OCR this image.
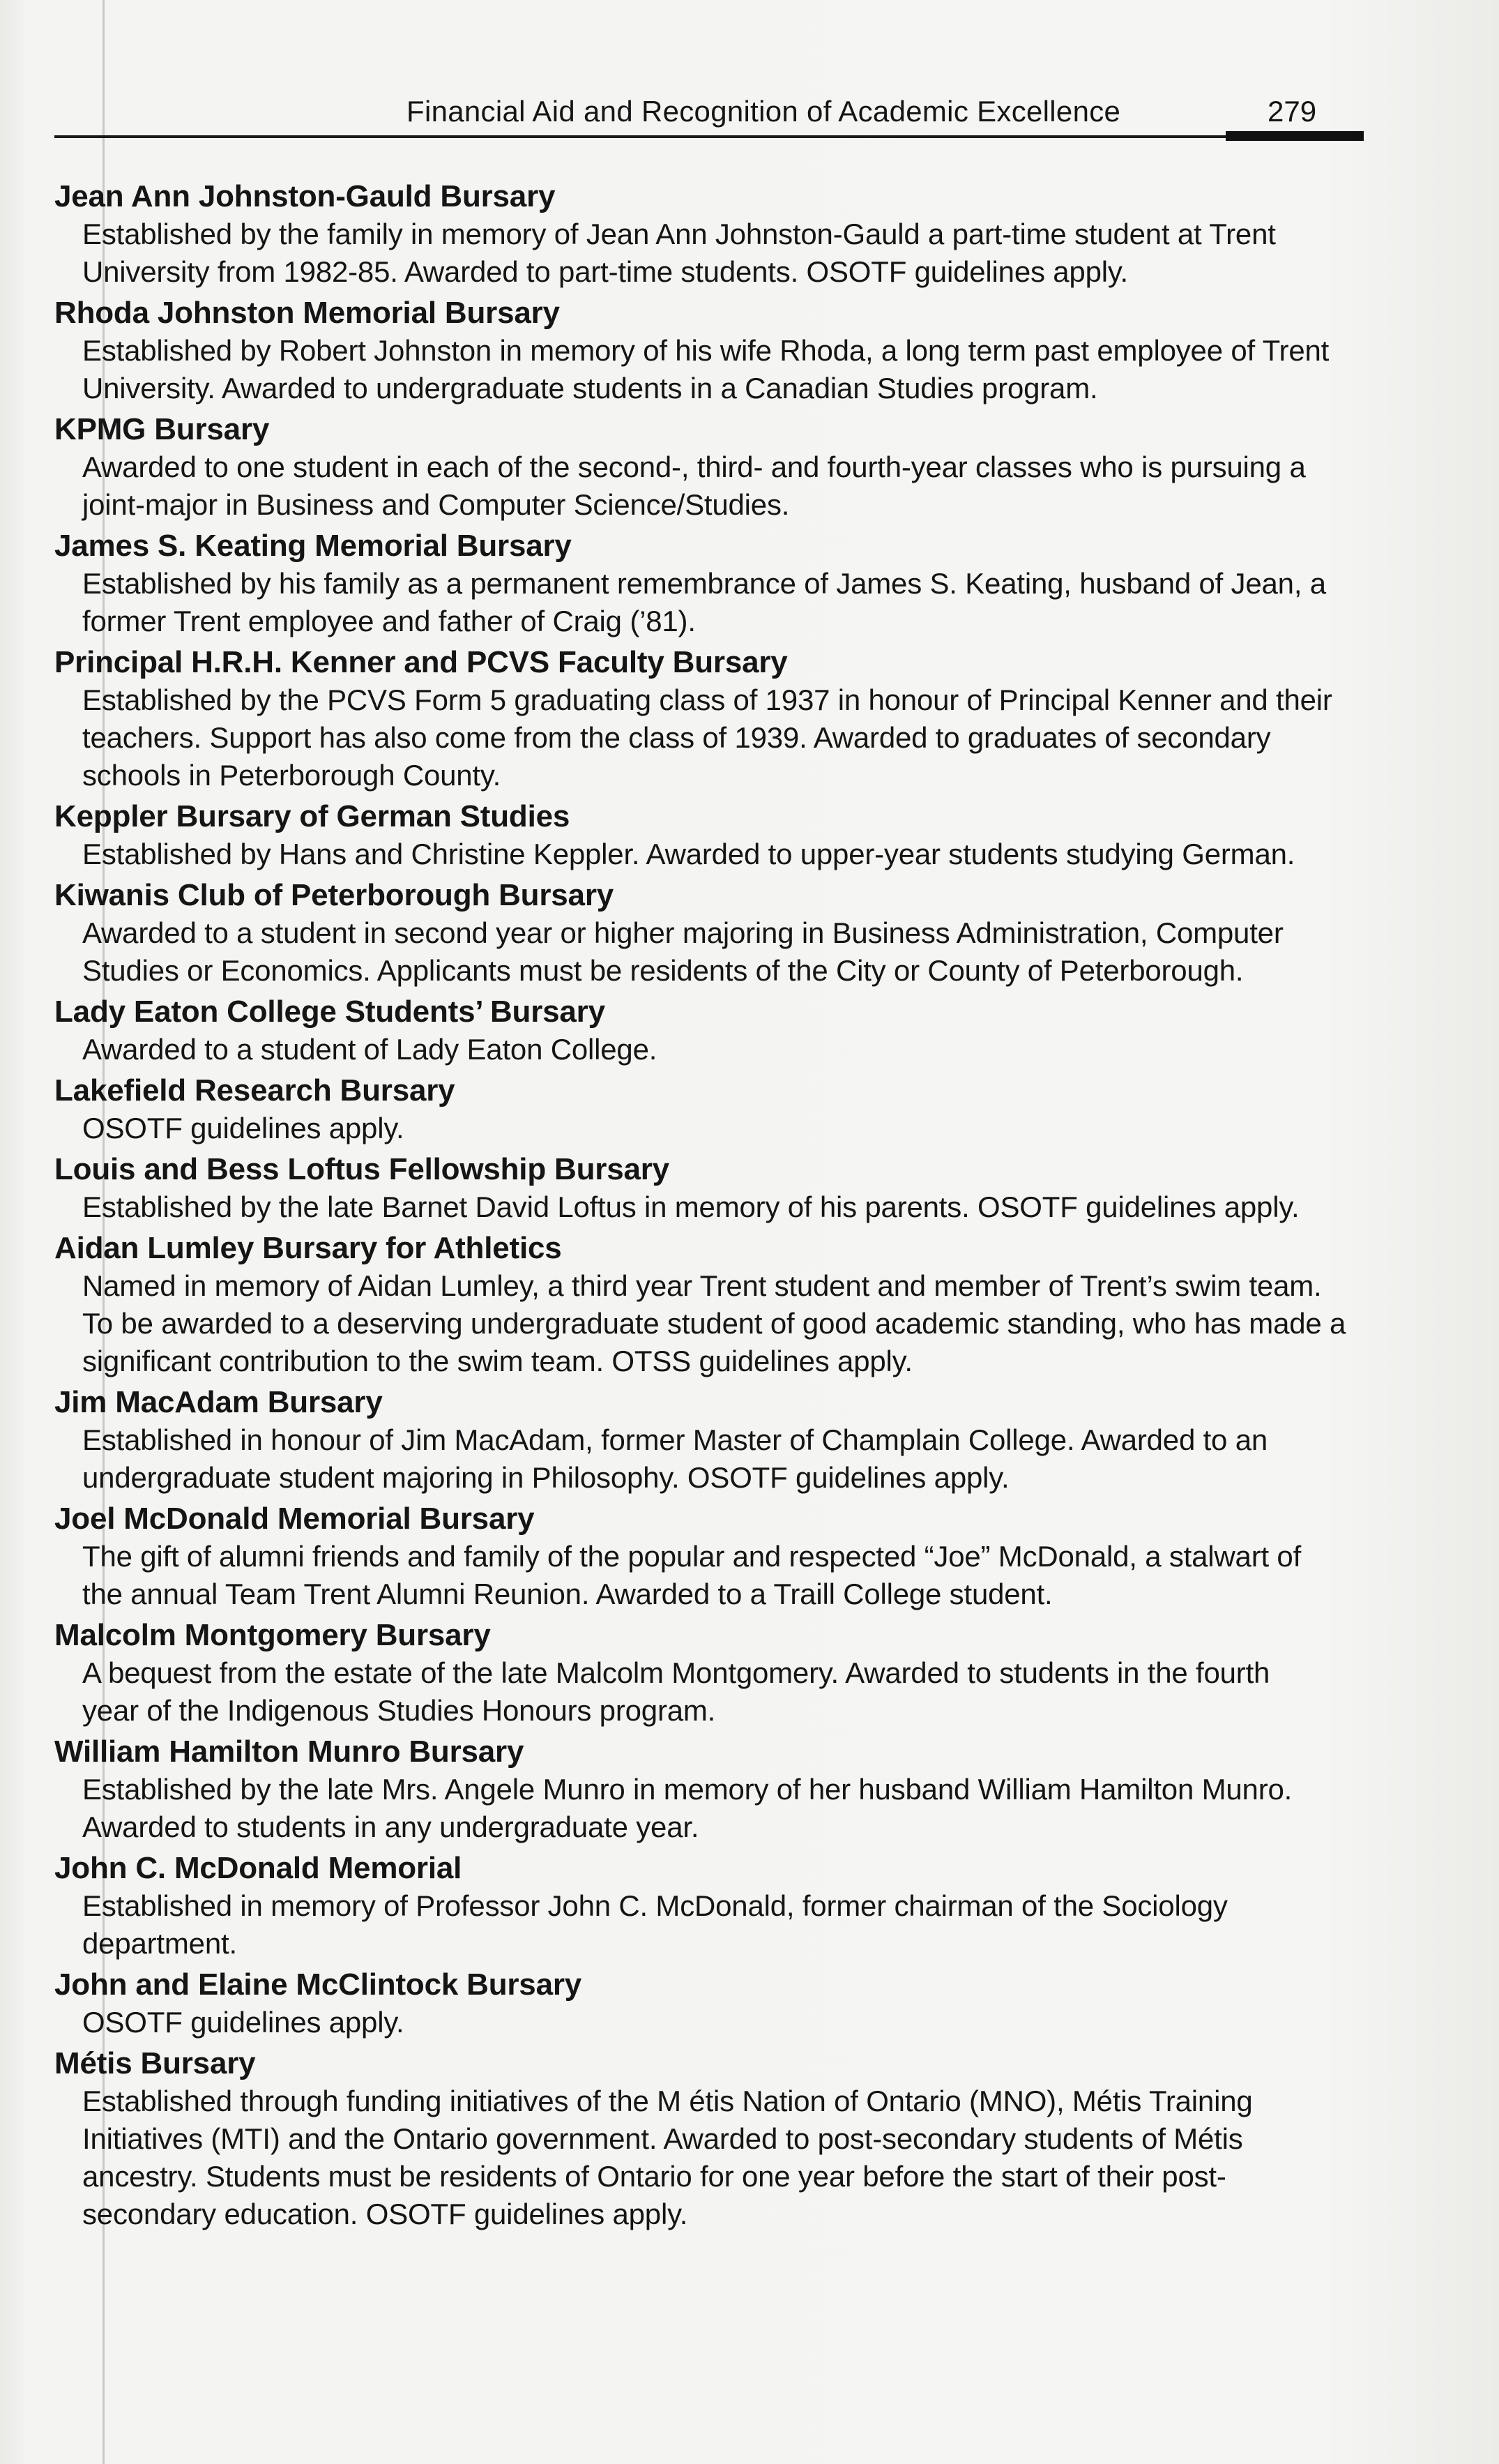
Financial Aid and Recognition of Academic Excellence	279
Jean Ann Johnston-Gauld Bursary
Established by the family in memory of Jean Ann Johnston-Gauld a part-time student at Trent
University from 1982-85. Awarded to part-time students. OSOTF guidelines apply.
Rhoda Johnston Memorial Bursary
Established by Robert Johnston in memory of his wife Rhoda, a long term past employee of Trent
University. Awarded to undergraduate students in a Canadian Studies program.
KPMG Bursary
Awarded to one student in each of the second-, third- and fourth-year classes who is pursuing a
joint-major in Business and Computer Science/Studies.
James S. Keating Memorial Bursary
Established by his family as a permanent remembrance of James S. Keating, husband of Jean, a
former Trent employee and father of Craig (’81).
Principal H.R.H. Kenner and PCVS Faculty Bursary
Established by the PCVS Form 5 graduating class of 1937 in honour of Principal Kenner and their
teachers. Support has also come from the class of 1939. Awarded to graduates of secondary
schools in Peterborough County.
Keppler Bursary of German Studies
Established by Hans and Christine Keppler. Awarded to upper-year students studying German.
Kiwanis Club of Peterborough Bursary
Awarded to a student in second year or higher majoring in Business Administration, Computer
Studies or Economics. Applicants must be residents of the City or County of Peterborough.
Lady Eaton College Students’ Bursary
Awarded to a student of Lady Eaton College.
Lakefield Research Bursary
OSOTF guidelines apply.
Louis and Bess Loftus Fellowship Bursary
Established by the late Barnet David Loftus in memory of his parents. OSOTF guidelines apply.
Aidan Lumley Bursary for Athletics
Named in memory of Aidan Lumley, a third year Trent student and member of Trent’s swim team.
To be awarded to a deserving undergraduate student of good academic standing, who has made a
significant contribution to the swim team. OTSS guidelines apply.
Jim MacAdam Bursary
Established in honour of Jim MacAdam, former Master of Champlain College. Awarded to an
undergraduate student majoring in Philosophy. OSOTF guidelines apply.
Joel McDonald Memorial Bursary
The gift of alumni friends and family of the popular and respected “Joe” McDonald, a stalwart of
the annual Team Trent Alumni Reunion. Awarded to a Traill College student.
Malcolm Montgomery Bursary
A bequest from the estate of the late Malcolm Montgomery. Awarded to students in the fourth
year of the Indigenous Studies Honours program.
William Hamilton Munro Bursary
Established by the late Mrs. Angele Munro in memory of her husband William Hamilton Munro.
Awarded to students in any undergraduate year.
John C. McDonald Memorial
Established in memory of Professor John C. McDonald, former chairman of the Sociology
department.
John and Elaine McClintock Bursary
OSOTF guidelines apply.
Métis Bursary
Established through funding initiatives of the M étis Nation of Ontario (MNO), Métis Training
Initiatives (MTI) and the Ontario government. Awarded to post-secondary students of Métis
ancestry. Students must be residents of Ontario for one year before the start of their post-
secondary education. OSOTF guidelines apply.
